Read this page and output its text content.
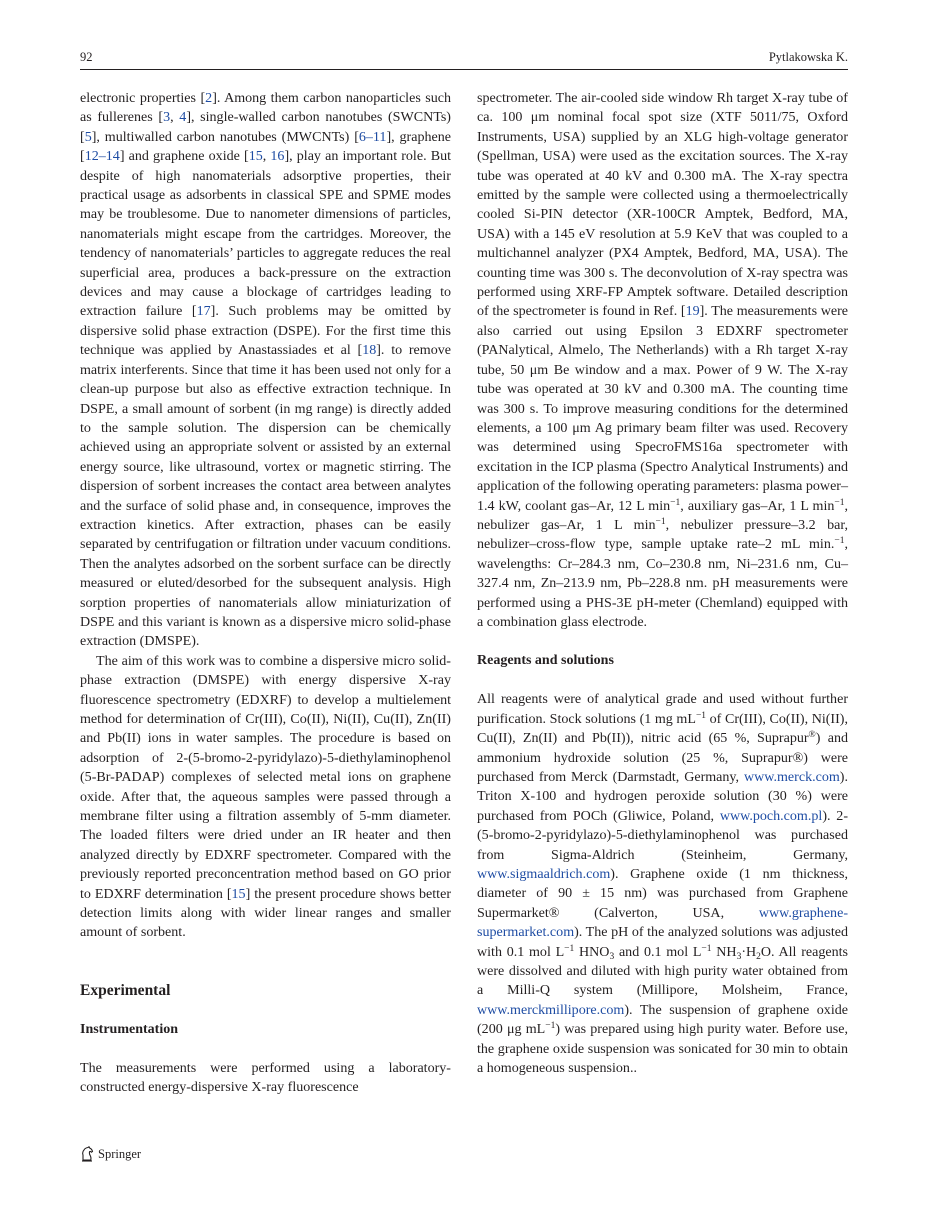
92	Pytlakowska K.

electronic properties [2]. Among them carbon nanoparticles such as fullerenes [3, 4], single-walled carbon nanotubes (SWCNTs) [5], multiwalled carbon nanotubes (MWCNTs) [6–11], graphene [12–14] and graphene oxide [15, 16], play an important role. But despite of high nanomaterials adsorptive properties, their practical usage as adsorbents in classical SPE and SPME modes may be troublesome. Due to nanometer dimensions of particles, nanomaterials might escape from the cartridges. Moreover, the tendency of nanomaterials’ particles to aggregate reduces the real superficial area, produces a back-pressure on the extraction devices and may cause a blockage of cartridges leading to extraction failure [17]. Such problems may be omitted by dispersive solid phase extraction (DSPE). For the first time this technique was applied by Anastassiades et al [18]. to remove matrix interferents. Since that time it has been used not only for a clean-up purpose but also as effective extraction technique. In DSPE, a small amount of sorbent (in mg range) is directly added to the sample solution. The dispersion can be chemically achieved using an appropriate solvent or assisted by an external energy source, like ultrasound, vortex or magnetic stirring. The dispersion of sorbent increases the contact area between analytes and the surface of solid phase and, in consequence, improves the extraction kinetics. After extraction, phases can be easily separated by centrifugation or filtration under vacuum conditions. Then the analytes adsorbed on the sorbent surface can be directly measured or eluted/desorbed for the subsequent analysis. High sorption properties of nanomaterials allow miniaturization of DSPE and this variant is known as a dispersive micro solid-phase extraction (DMSPE).

The aim of this work was to combine a dispersive micro solid-phase extraction (DMSPE) with energy dispersive X-ray fluorescence spectrometry (EDXRF) to develop a multielement method for determination of Cr(III), Co(II), Ni(II), Cu(II), Zn(II) and Pb(II) ions in water samples. The procedure is based on adsorption of 2-(5-bromo-2-pyridylazo)-5-diethylaminophenol (5-Br-PADAP) complexes of selected metal ions on graphene oxide. After that, the aqueous samples were passed through a membrane filter using a filtration assembly of 5-mm diameter. The loaded filters were dried under an IR heater and then analyzed directly by EDXRF spectrometer. Compared with the previously reported preconcentration method based on GO prior to EDXRF determination [15] the present procedure shows better detection limits along with wider linear ranges and smaller amount of sorbent.

Experimental
Instrumentation

The measurements were performed using a laboratory-constructed energy-dispersive X-ray fluorescence

spectrometer. The air-cooled side window Rh target X-ray tube of ca. 100 μm nominal focal spot size (XTF 5011/75, Oxford Instruments, USA) supplied by an XLG high-voltage generator (Spellman, USA) were used as the excitation sources. The X-ray tube was operated at 40 kV and 0.300 mA. The X-ray spectra emitted by the sample were collected using a thermoelectrically cooled Si-PIN detector (XR-100CR Amptek, Bedford, MA, USA) with a 145 eV resolution at 5.9 KeV that was coupled to a multichannel analyzer (PX4 Amptek, Bedford, MA, USA). The counting time was 300 s. The deconvolution of X-ray spectra was performed using XRF-FP Amptek software. Detailed description of the spectrometer is found in Ref. [19]. The measurements were also carried out using Epsilon 3 EDXRF spectrometer (PANalytical, Almelo, The Netherlands) with a Rh target X-ray tube, 50 μm Be window and a max. Power of 9 W. The X-ray tube was operated at 30 kV and 0.300 mA. The counting time was 300 s. To improve measuring conditions for the determined elements, a 100 μm Ag primary beam filter was used. Recovery was determined using SpecroFMS16a spectrometer with excitation in the ICP plasma (Spectro Analytical Instruments) and application of the following operating parameters: plasma power–1.4 kW, coolant gas–Ar, 12 L $\min^{-1}$, auxiliary gas–Ar, 1 L $\min^{-1}$, nebulizer gas–Ar, 1 L $\min^{-1}$, nebulizer pressure–3.2 bar, nebulizer–cross-flow type, sample uptake rate–2 mL min.$^{-1}$, wavelengths: Cr–284.3 nm, Co–230.8 nm, Ni–231.6 nm, Cu–327.4 nm, Zn–213.9 nm, Pb–228.8 nm. pH measurements were performed using a PHS-3E pH-meter (Chemland) equipped with a combination glass electrode.

Reagents and solutions

All reagents were of analytical grade and used without further purification. Stock solutions (1 mg $mL^{-1}$ of Cr(III), Co(II), Ni(II), Cu(II), Zn(II) and Pb(II)), nitric acid (65 %, Suprapur®) and ammonium hydroxide solution (25 %, Suprapur®) were purchased from Merck (Darmstadt, Germany, www.merck.com). Triton X-100 and hydrogen peroxide solution (30 %) were purchased from POCh (Gliwice, Poland, www.poch.com.pl). 2-(5-bromo-2-pyridylazo)-5-diethylaminophenol was purchased from Sigma-Aldrich (Steinheim, Germany, www.sigmaaldrich.com). Graphene oxide (1 nm thickness, diameter of 90 ± 15 nm) was purchased from Graphene Supermarket® (Calverton, USA, www.graphene-supermarket.com). The pH of the analyzed solutions was adjusted with 0.1 mol $L^{-1}$ $HNO_3$ and 0.1 mol $L^{-1}$ $NH_3\cdot H_2O$. All reagents were dissolved and diluted with high purity water obtained from a Milli-Q system (Millipore, Molsheim, France, www.merckmillipore.com). The suspension of graphene oxide (200 μg $mL^{-1}$) was prepared using high purity water. Before use, the graphene oxide suspension was sonicated for 30 min to obtain a homogeneous suspension..

Springer
